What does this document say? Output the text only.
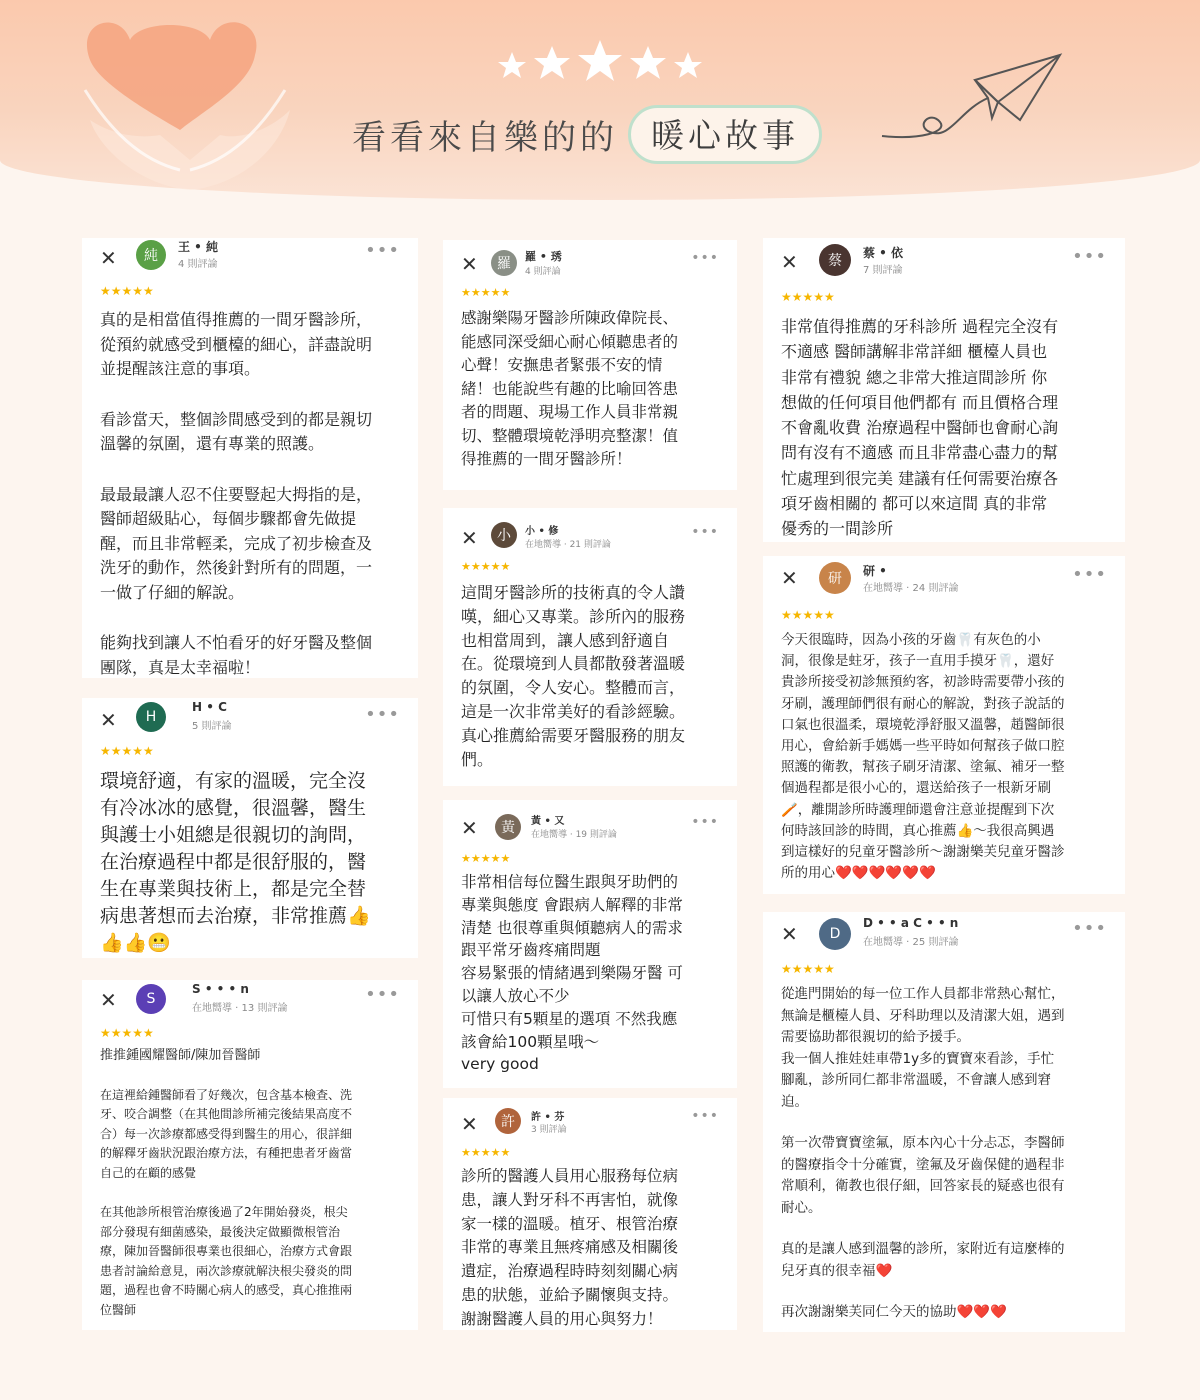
看看來自樂的的	暖心故事
✕	純
王 • 純
4 則評論
•••
★★★★★

真的是相當值得推薦的一間牙醫診所，
從預約就感受到櫃檯的細心，詳盡說明
並提醒該注意的事項。

看診當天，整個診間感受到的都是親切
溫馨的氛圍，還有專業的照護。

最最最讓人忍不住要豎起大拇指的是，
醫師超級貼心，每個步驟都會先做提
醒，而且非常輕柔，完成了初步檢查及
洗牙的動作，然後針對所有的問題，一
一做了仔細的解說。

能夠找到讓人不怕看牙的好牙醫及整個
團隊，真是太幸福啦！

✕	H
H • C
5 則評論
•••
★★★★★

環境舒適，有家的溫暖，完全沒
有冷冰冰的感覺，很溫馨，醫生
與護士小姐總是很親切的詢問，
在治療過程中都是很舒服的，醫
生在專業與技術上，都是完全替
病患著想而去治療，非常推薦👍
👍👍😬

✕	S
S • • • n
在地嚮導 · 13 則評論
•••
★★★★★

推推鍾國耀醫師/陳加晉醫師

在這裡給鍾醫師看了好幾次，包含基本檢查、洗
牙、咬合調整（在其他間診所補完後結果高度不
合）每一次診療都感受得到醫生的用心，很詳細
的解釋牙齒狀況跟治療方法，有種把患者牙齒當
自己的在顧的感覺

在其他診所根管治療後過了2年開始發炎，根尖
部分發現有細菌感染，最後決定做顯微根管治
療，陳加晉醫師很專業也很細心，治療方式會跟
患者討論給意見，兩次診療就解決根尖發炎的問
題，過程也會不時關心病人的感受，真心推推兩
位醫師

✕	羅	羅 • 琇
4 則評論
•••
★★★★★

感謝樂陽牙醫診所陳政偉院長、
能感同深受細心耐心傾聽患者的
心聲！安撫患者緊張不安的情
緒！也能說些有趣的比喻回答患
者的問題、現場工作人員非常親
切、整體環境乾淨明亮整潔！值
得推薦的一間牙醫診所！

✕	小	小 • 修
在地嚮導 · 21 則評論
•••
★★★★★

這間牙醫診所的技術真的令人讚
嘆，細心又專業。診所內的服務
也相當周到，讓人感到舒適自
在。從環境到人員都散發著溫暖
的氛圍，令人安心。整體而言，
這是一次非常美好的看診經驗。
真心推薦給需要牙醫服務的朋友
們。

✕	黃	黃 • 又
在地嚮導 · 19 則評論
•••
★★★★★

非常相信每位醫生跟與牙助們的
專業與態度 會跟病人解釋的非常
清楚 也很尊重與傾聽病人的需求
跟平常牙齒疼痛問題
容易緊張的情緒遇到樂陽牙醫 可
以讓人放心不少
可惜只有5顆星的選項 不然我應
該會給100顆星哦～
very good

✕	許	許 • 芬
3 則評論
•••
★★★★★

診所的醫護人員用心服務每位病
患，讓人對牙科不再害怕，就像
家一樣的溫暖。植牙、根管治療
非常的專業且無疼痛感及相關後
遺症，治療過程時時刻刻關心病
患的狀態，並給予關懷與支持。
謝謝醫護人員的用心與努力！

✕	蔡	蔡 • 依
7 則評論
•••
★★★★★

非常值得推薦的牙科診所 過程完全沒有
不適感 醫師講解非常詳細 櫃檯人員也
非常有禮貌 總之非常大推這間診所 你
想做的任何項目他們都有 而且價格合理
不會亂收費 治療過程中醫師也會耐心詢
問有沒有不適感 而且非常盡心盡力的幫
忙處理到很完美 建議有任何需要治療各
項牙齒相關的 都可以來這間 真的非常
優秀的一間診所

✕	研	研 •
在地嚮導 · 24 則評論
•••
★★★★★

今天很臨時，因為小孩的牙齒🦷有灰色的小
洞，很像是蛀牙，孩子一直用手摸牙🦷，還好
貴診所接受初診無預約客，初診時需要帶小孩的
牙刷，護理師們很有耐心的解說，對孩子說話的
口氣也很溫柔，環境乾淨舒服又溫馨，趙醫師很
用心，會給新手媽媽一些平時如何幫孩子做口腔
照護的衛教，幫孩子刷牙清潔、塗氟、補牙一整
個過程都是很小心的，還送給孩子一根新牙刷
🪥，離開診所時護理師還會注意並提醒到下次
何時該回診的時間，真心推薦👍～我很高興遇
到這樣好的兒童牙醫診所～謝謝樂芙兒童牙醫診
所的用心❤️❤️❤️❤️❤️❤️

✕	D
D • • a C • • n
在地嚮導 · 25 則評論
•••
★★★★★

從進門開始的每一位工作人員都非常熱心幫忙，
無論是櫃檯人員、牙科助理以及清潔大姐，遇到
需要協助都很親切的給予援手。
我一個人推娃娃車帶1y多的寶寶來看診，手忙
腳亂，診所同仁都非常溫暖，不會讓人感到窘
迫。

第一次帶寶寶塗氟，原本內心十分忐忑，李醫師
的醫療指令十分確實，塗氟及牙齒保健的過程非
常順利，衛教也很仔細，回答家長的疑惑也很有
耐心。

真的是讓人感到溫馨的診所，家附近有這麼棒的
兒牙真的很幸福❤️

再次謝謝樂芙同仁今天的協助❤️❤️❤️
